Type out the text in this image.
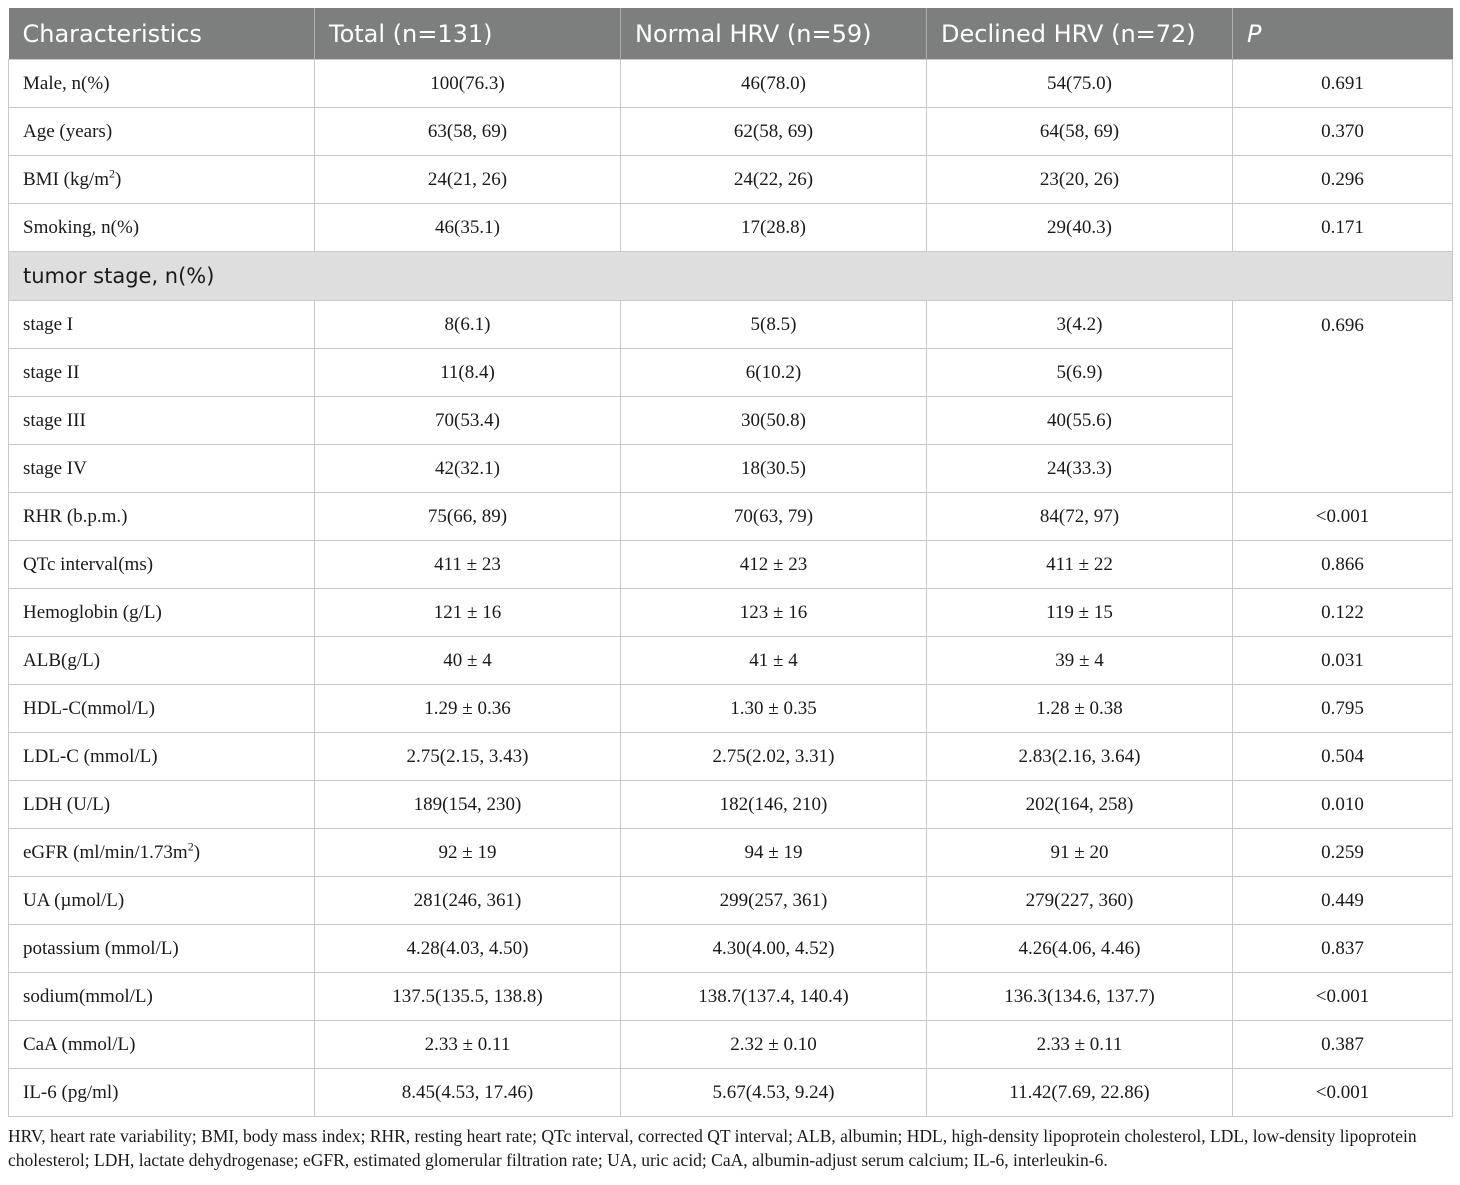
Characteristics	Total (n=131)	Normal HRV (n=59)	Declined HRV (n=72)	P
Male, n(%)	100(76.3)	46(78.0)	54(75.0)	0.691
Age (years)	63(58, 69)	62(58, 69)	64(58, 69)	0.370
BMI $(kg/m^2)$	24(21, 26)	24(22, 26)	23(20, 26)	0.296
Smoking, n(%)	46(35.1)	17(28.8)	29(40.3)	0.171
tumor stage, n(%)				
stage I	8(6.1)	5(8.5)	3(4.2)	0.696
stage II	11(8.4)	6(10.2)	5(6.9)	
stage III	70(53.4)	30(50.8)	40(55.6)	
stage IV	42(32.1)	18(30.5)	24(33.3)	
RHR (b.p.m.)	75(66, 89)	70(63, 79)	84(72, 97)	<0.001
QTc interval(ms)	411 ± 23	412 ± 23	411 ± 22	0.866
Hemoglobin (g/L)	121 ± 16	123 ± 16	119 ± 15	0.122
ALB(g/L)	40 ± 4	41 ± 4	39 ± 4	0.031
HDL-C(mmol/L)	1.29 ± 0.36	1.30 ± 0.35	1.28 ± 0.38	0.795
LDL-C (mmol/L)	2.75(2.15, 3.43)	2.75(2.02, 3.31)	2.83(2.16, 3.64)	0.504
LDH (U/L)	189(154, 230)	182(146, 210)	202(164, 258)	0.010
eGFR $(ml/\min/1.73m^2)$	92 ± 19	94 ± 19	91 ± 20	0.259
UA (µmol/L)	281(246, 361)	299(257, 361)	279(227, 360)	0.449
potassium (mmol/L)	4.28(4.03, 4.50)	4.30(4.00, 4.52)	4.26(4.06, 4.46)	0.837
sodium(mmol/L)	137.5(135.5, 138.8)	138.7(137.4, 140.4)	136.3(134.6, 137.7)	<0.001
CaA (mmol/L)	2.33 ± 0.11	2.32 ± 0.10	2.33 ± 0.11	0.387
IL-6 (pg/ml)	8.45(4.53, 17.46)	5.67(4.53, 9.24)	11.42(7.69, 22.86)	<0.001
HRV, heart rate variability; BMI, body mass index; RHR, resting heart rate; QTc interval, corrected QT interval; ALB, albumin; HDL, high-density lipoprotein cholesterol, LDL, low-density lipoprotein cholesterol; LDH, lactate dehydrogenase; eGFR, estimated glomerular filtration rate; UA, uric acid; CaA, albumin-adjust serum calcium; IL-6, interleukin-6.
